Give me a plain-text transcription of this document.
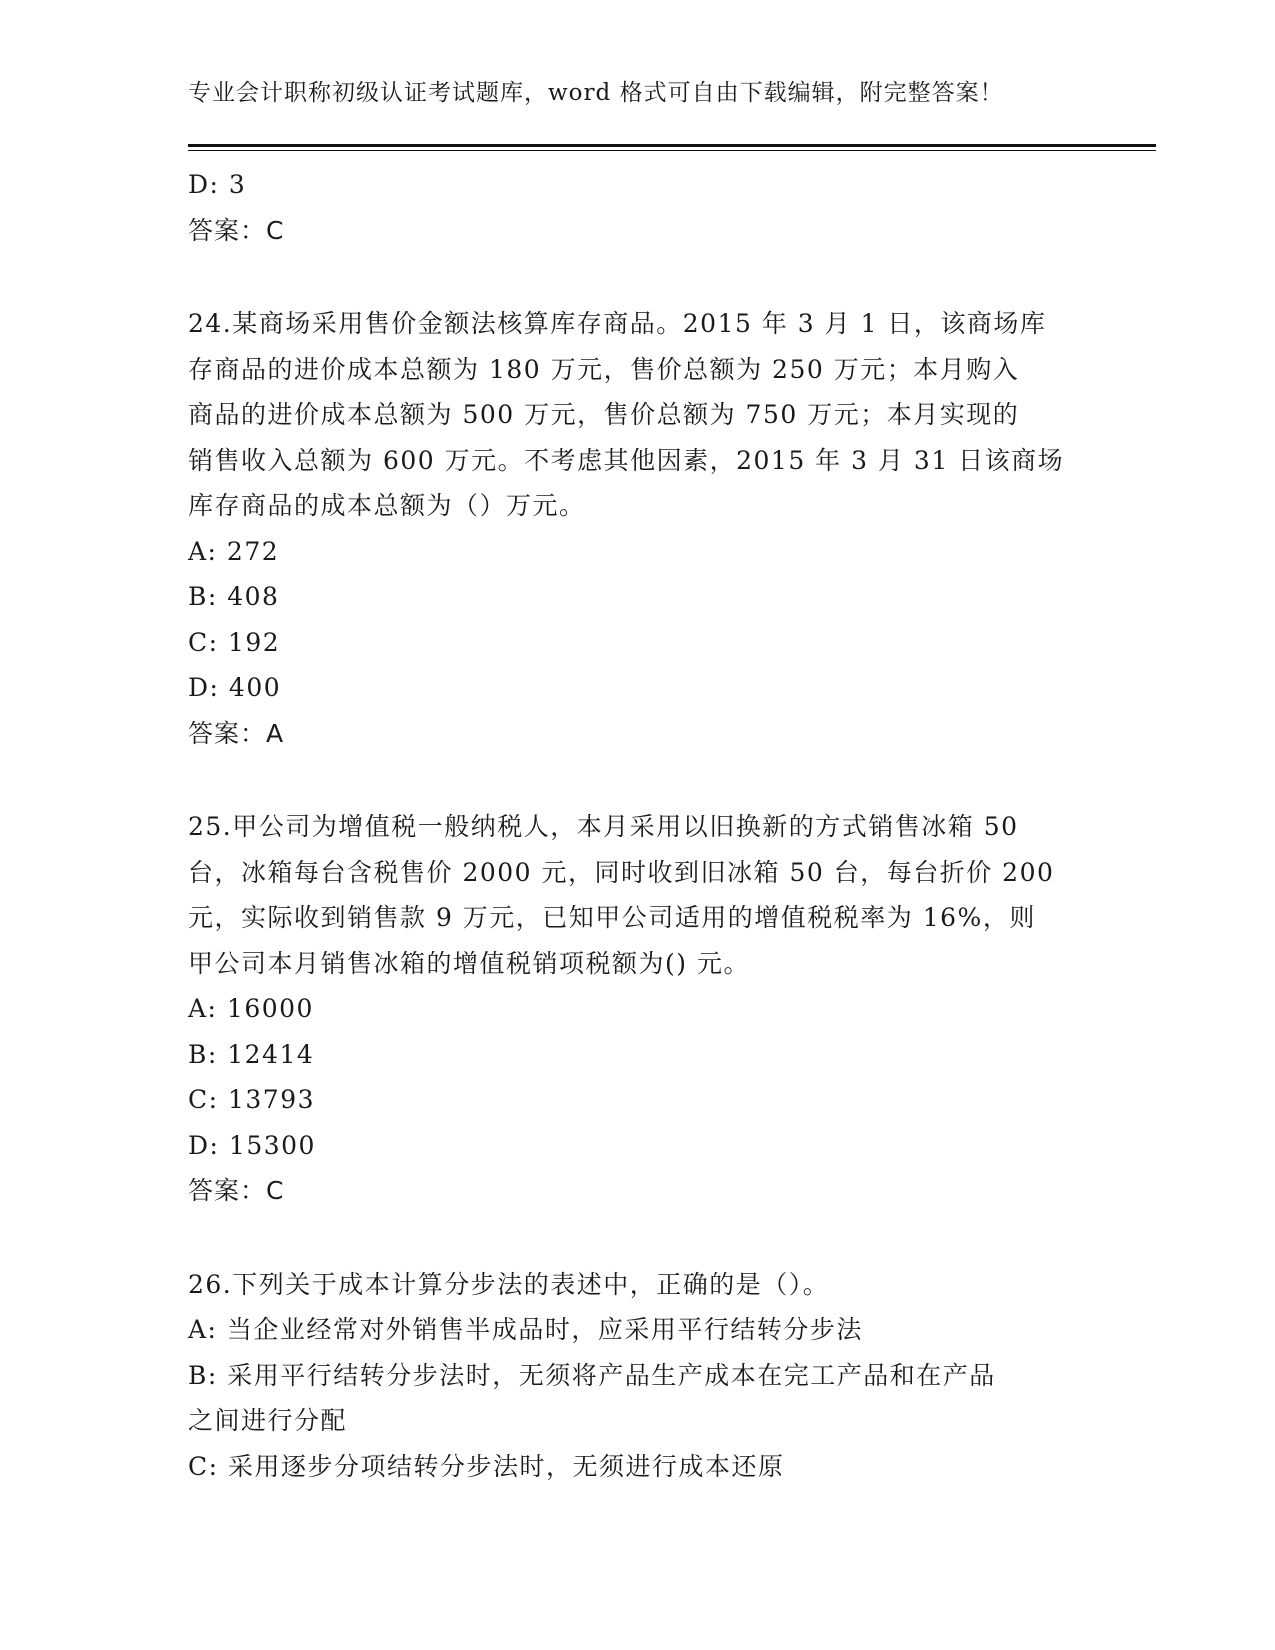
专业会计职称初级认证考试题库，word 格式可自由下载编辑，附完整答案！
D: 3
答案：C
24.某商场采用售价金额法核算库存商品。2015 年 3 月 1 日，该商场库
存商品的进价成本总额为 180 万元，售价总额为 250 万元；本月购入
商品的进价成本总额为 500 万元，售价总额为 750 万元；本月实现的
销售收入总额为 600 万元。不考虑其他因素，2015 年 3 月 31 日该商场
库存商品的成本总额为（）万元。
A: 272
B: 408
C: 192
D: 400
答案：A
25.甲公司为增值税一般纳税人，本月采用以旧换新的方式销售冰箱 50
台，冰箱每台含税售价 2000 元，同时收到旧冰箱 50 台，每台折价 200
元，实际收到销售款 9 万元，已知甲公司适用的增值税税率为 16%，则
甲公司本月销售冰箱的增值税销项税额为() 元。
A: 16000
B: 12414
C: 13793
D: 15300
答案：C
26.下列关于成本计算分步法的表述中，正确的是（）。
A: 当企业经常对外销售半成品时，应采用平行结转分步法
B: 采用平行结转分步法时，无须将产品生产成本在完工产品和在产品
之间进行分配
C: 采用逐步分项结转分步法时，无须进行成本还原
